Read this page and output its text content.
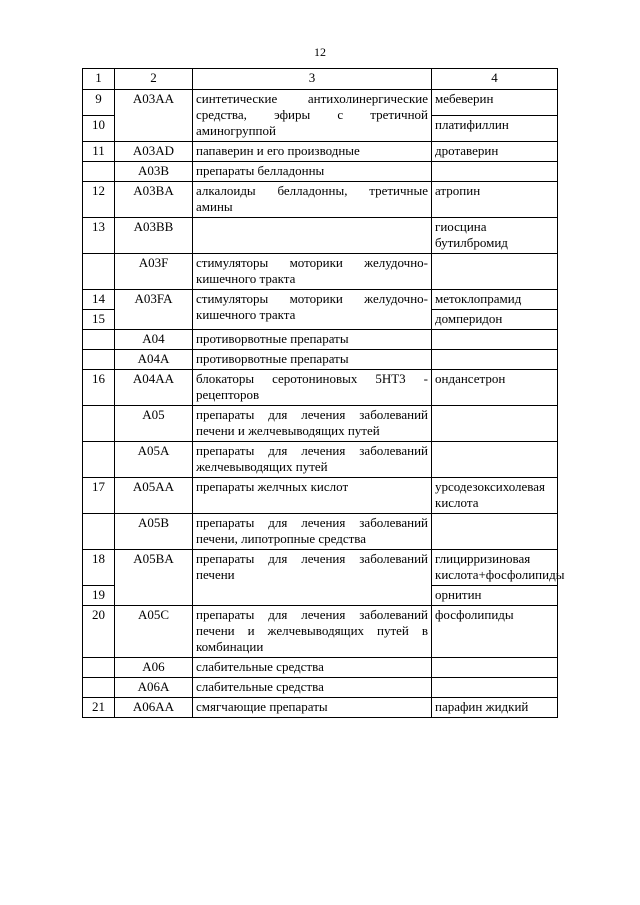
12
1	2	3	4
9	A03AA	синтетические антихолинергические средства, эфиры с третичной аминогруппой	мебеверин
10			платифиллин
11	A03AD	папаверин и его производные	дротаверин
	A03B	препараты белладонны	
12	A03BA	алкалоиды белладонны, третичные амины	атропин
13	A03BB		гиосцина бутилбромид
	A03F	стимуляторы моторики желудочно-кишечного тракта	
14	A03FA	стимуляторы моторики желудочно-кишечного тракта	метоклопрамид
15			домперидон
	A04	противорвотные препараты	
	A04A	противорвотные препараты	
16	A04AA	блокаторы серотониновых 5НТ3 - рецепторов	ондансетрон
	A05	препараты для лечения заболеваний печени и желчевыводящих путей	
	A05A	препараты для лечения заболеваний желчевыводящих путей	
17	A05AA	препараты желчных кислот	урсодезоксихолевая кислота
	A05B	препараты для лечения заболеваний печени, липотропные средства	
18	A05BA	препараты для лечения заболеваний печени	глицирризиновая кислота+фосфолипиды
19			орнитин
20	A05C	препараты для лечения заболеваний печени и желчевыводящих путей в комбинации	фосфолипиды
	A06	слабительные средства	
	A06A	слабительные средства	
21	A06AA	смягчающие препараты	парафин жидкий
